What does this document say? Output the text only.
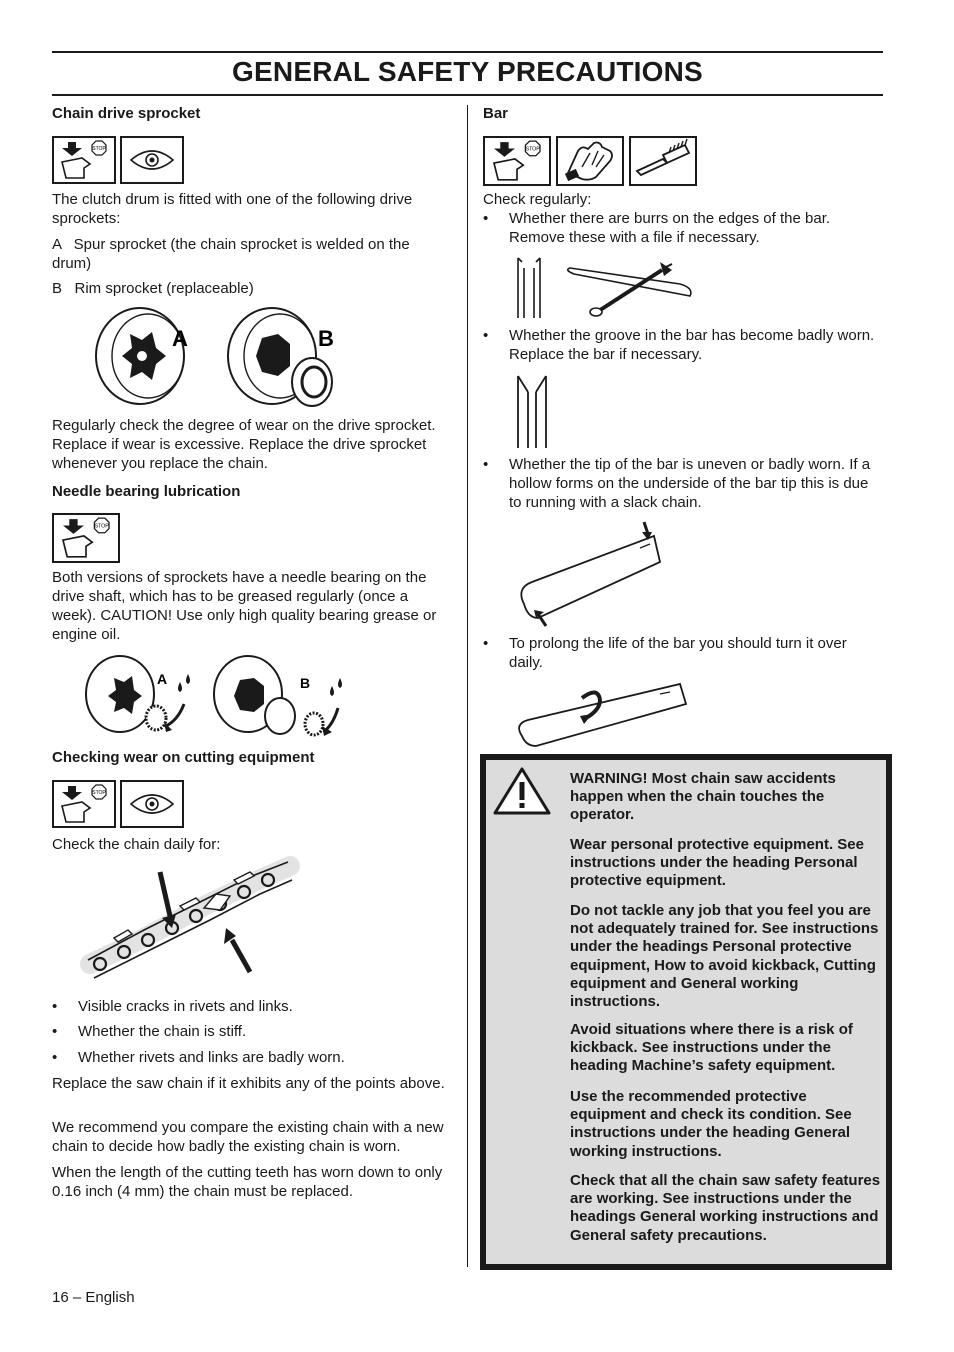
GENERAL SAFETY PRECAUTIONS

Chain drive sprocket

STOP

The clutch drum is fitted with one of the following drive sprockets:

A   Spur sprocket (the chain sprocket is welded on the drum)

B   Rim sprocket (replaceable)

A	B

Regularly check the degree of wear on the drive sprocket. Replace if wear is excessive. Replace the drive sprocket whenever you replace the chain.

Needle bearing lubrication

STOP

Both versions of sprockets have a needle bearing on the drive shaft, which has to be greased regularly (once a week). CAUTION! Use only high quality bearing grease or engine oil.

A	B

Checking wear on cutting equipment

STOP

Check the chain daily for:

• Visible cracks in rivets and links.

• Whether the chain is stiff.

• Whether rivets and links are badly worn.

Replace the saw chain if it exhibits any of the points above.

We recommend you compare the existing chain with a new chain to decide how badly the existing chain is worn.

When the length of the cutting teeth has worn down to only 0.16 inch (4 mm) the chain must be replaced.

Bar

STOP

Check regularly:

• Whether there are burrs on the edges of the bar. Remove these with a file if necessary.

• Whether the groove in the bar has become badly worn. Replace the bar if necessary.

• Whether the tip of the bar is uneven or badly worn. If a hollow forms on the underside of the bar tip this is due to running with a slack chain.

• To prolong the life of the bar you should turn it over daily.

WARNING! Most chain saw accidents happen when the chain touches the operator.

Wear personal protective equipment. See instructions under the heading Personal protective equipment.

Do not tackle any job that you feel you are not adequately trained for. See instructions under the headings Personal protective equipment, How to avoid kickback, Cutting equipment and General working instructions.

Avoid situations where there is a risk of kickback. See instructions under the heading Machine’s safety equipment.

Use the recommended protective equipment and check its condition. See instructions under the heading General working instructions.

Check that all the chain saw safety features are working. See instructions under the headings General working instructions and General safety precautions.

16 – English
